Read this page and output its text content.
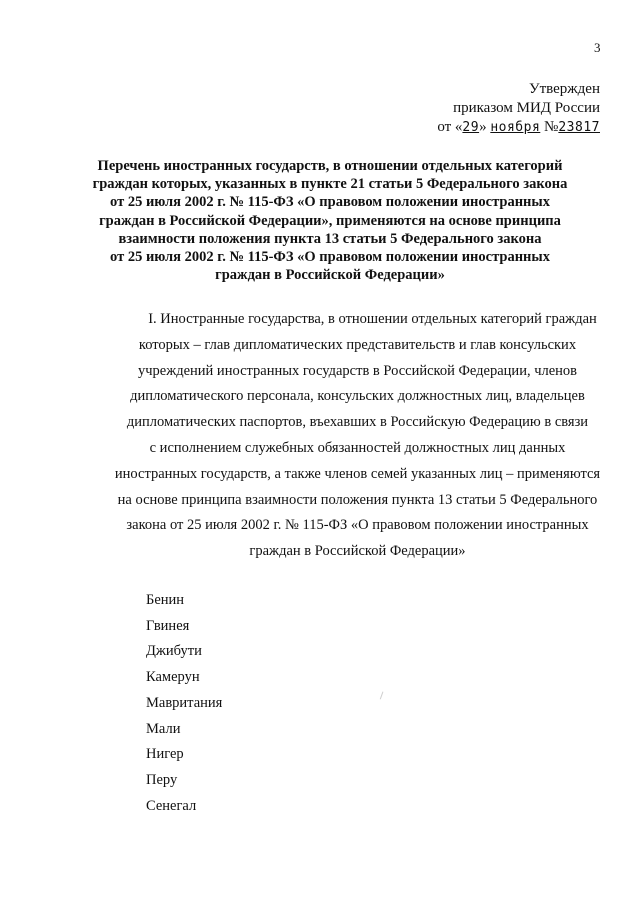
3
Утвержден
приказом МИД России
от «29» ноября №23817
Перечень иностранных государств, в отношении отдельных категорий
граждан которых, указанных в пункте 21 статьи 5 Федерального закона
от 25 июля 2002 г. № 115-ФЗ «О правовом положении иностранных
граждан в Российской Федерации», применяются на основе принципа
взаимности положения пункта 13 статьи 5 Федерального закона
от 25 июля 2002 г. № 115-ФЗ «О правовом положении иностранных
граждан в Российской Федерации»
I. Иностранные государства, в отношении отдельных категорий граждан
которых – глав дипломатических представительств и глав консульских
учреждений иностранных государств в Российской Федерации, членов
дипломатического персонала, консульских должностных лиц, владельцев
дипломатических паспортов, въехавших в Российскую Федерацию в связи
с исполнением служебных обязанностей должностных лиц данных
иностранных государств, а также членов семей указанных лиц – применяются
на основе принципа взаимности положения пункта 13 статьи 5 Федерального
закона от 25 июля 2002 г. № 115-ФЗ «О правовом положении иностранных
граждан в Российской Федерации»
Бенин
Гвинея
Джибути
Камерун
Мавритания
Мали
Нигер
Перу
Сенегал
